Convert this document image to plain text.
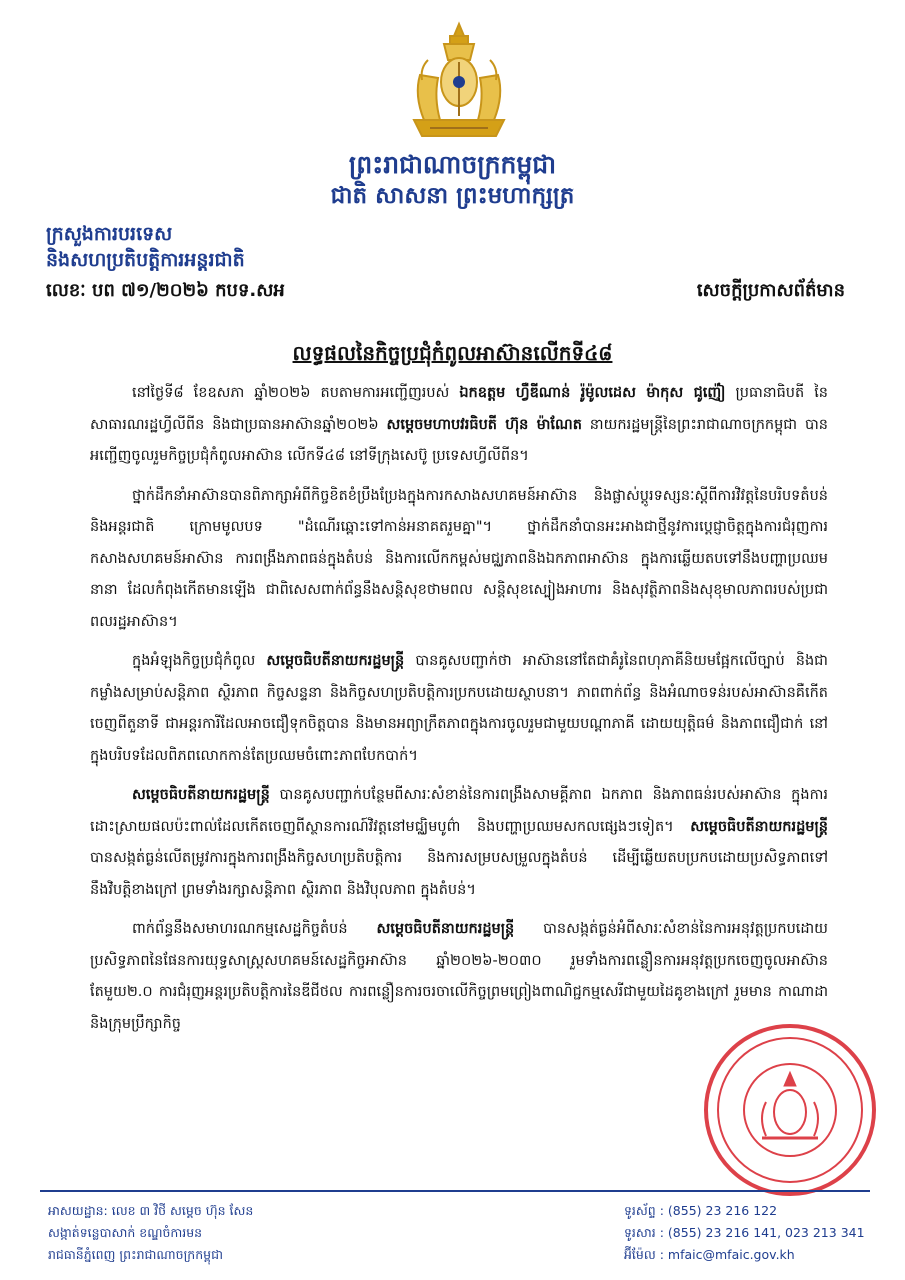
ព្រះរាជាណាចក្រកម្ពុជា
ជាតិ សាសនា ព្រះមហាក្សត្រ
ក្រសួងការបរទេស
និងសហប្រតិបត្តិការអន្តរជាតិ
លេខៈ បព ៧១/២០២៦ កបទ.សអ	សេចក្ដីប្រកាសព័ត៌មាន
លទ្ធផលនៃកិច្ចប្រជុំកំពូលអាស៊ានលើកទី៤៨

នៅថ្ងៃទី៨ ខែឧសភា ឆ្នាំ២០២៦ តបតាមការអញ្ជើញរបស់ ឯកឧត្តម ហ្វឺឌីណាន់ រ៉ូម៉ូលដេស ម៉ាកុស ជូញ៉ៀ ប្រធានាធិបតី នៃសាធារណរដ្ឋហ្វីលីពីន និងជាប្រធានអាស៊ានឆ្នាំ២០២៦ សម្តេចមហាបវរធិបតី ហ៊ុន ម៉ាណែត នាយករដ្ឋមន្ត្រីនៃព្រះរាជាណាចក្រកម្ពុជា បានអញ្ជើញចូលរួមកិច្ចប្រជុំកំពូលអាស៊ាន លើកទី៤៨ នៅទីក្រុងសេប៊ូ ប្រទេសហ្វីលីពីន។

ថ្នាក់ដឹកនាំអាស៊ានបានពិភាក្សាអំពីកិច្ចខិតខំប្រឹងប្រែងក្នុងការកសាងសហគមន៍អាស៊ាន និងផ្លាស់ប្តូរទស្សនៈស្តីពីការវិវត្តនៃបរិបទតំបន់ និងអន្តរជាតិ ក្រោមមូលបទ "ដំណើរឆ្ពោះទៅកាន់អនាគតរួមគ្នា"។ ថ្នាក់ដឹកនាំបានអះអាងជាថ្មីនូវការប្តេជ្ញាចិត្តក្នុងការជំរុញការកសាងសហគមន៍អាស៊ាន ការពង្រឹងភាពធន់ក្នុងតំបន់ និងការលើកកម្ពស់មជ្ឈភាពនិងឯកភាពអាស៊ាន ក្នុងការឆ្លើយតបទៅនឹងបញ្ហាប្រឈមនានា ដែលកំពុងកើតមានឡើង ជាពិសេសពាក់ព័ន្ធនឹងសន្តិសុខថាមពល សន្តិសុខស្បៀងអាហារ និងសុវត្ថិភាពនិងសុខុមាលភាពរបស់ប្រជាពលរដ្ឋអាស៊ាន។

ក្នុងអំឡុងកិច្ចប្រជុំកំពូល សម្តេចធិបតីនាយករដ្ឋមន្ត្រី បានគូសបញ្ជាក់ថា អាស៊ាននៅតែជាគំរូនៃពហុភាគីនិយមផ្អែកលើច្បាប់ និងជាកម្លាំងសម្រាប់សន្តិភាព ស្ថិរភាព កិច្ចសន្ទនា និងកិច្ចសហប្រតិបត្តិការប្រកបដោយស្ថាបនា។ ភាពពាក់ព័ន្ធ និងអំណាចទន់របស់អាស៊ានគឺកើតចេញពីតួនាទី ជាអន្តរការីដែលអាចជឿទុកចិត្តបាន និងមានអព្យាក្រឹតភាពក្នុងការចូលរួមជាមួយបណ្តាភាគី ដោយយុត្តិធម៌ និងភាពជឿជាក់ នៅក្នុងបរិបទដែលពិភពលោកកាន់តែប្រឈមចំពោះភាពបែកបាក់។

សម្តេចធិបតីនាយករដ្ឋមន្ត្រី បានគូសបញ្ជាក់បន្ថែមពីសារៈសំខាន់នៃការពង្រឹងសាមគ្គីភាព ឯកភាព និងភាពធន់របស់អាស៊ាន ក្នុងការដោះស្រាយផលប៉ះពាល់ដែលកើតចេញពីស្ថានការណ៍វិវត្តនៅមជ្ឈិមបូព៌ា និងបញ្ហាប្រឈមសកលផ្សេងៗទៀត។ សម្តេចធិបតីនាយករដ្ឋមន្ត្រី បានសង្កត់ធ្ងន់លើតម្រូវការក្នុងការពង្រឹងកិច្ចសហប្រតិបត្តិការ និងការសម្របសម្រួលក្នុងតំបន់ ដើម្បីឆ្លើយតបប្រកបដោយប្រសិទ្ធភាពទៅនឹងវិបត្តិខាងក្រៅ ព្រមទាំងរក្សាសន្តិភាព ស្ថិរភាព និងវិបុលភាព ក្នុងតំបន់។

ពាក់ព័ន្ធនឹងសមាហរណកម្មសេដ្ឋកិច្ចតំបន់ សម្តេចធិបតីនាយករដ្ឋមន្ត្រី បានសង្កត់ធ្ងន់អំពីសារៈសំខាន់នៃការអនុវត្តប្រកបដោយប្រសិទ្ធភាពនៃផែនការយុទ្ធសាស្ត្រសហគមន៍សេដ្ឋកិច្ចអាស៊ាន ឆ្នាំ២០២៦-២០៣០ រួមទាំងការពន្លឿនការអនុវត្តប្រកចេញចូលអាស៊ានតែមួយ២.០ ការជំរុញអន្តរប្រតិបត្តិការនៃឌីជីថល ការពន្លឿនការចរចាលើកិច្ចព្រមព្រៀងពាណិជ្ជកម្មសេរីជាមួយដៃគូខាងក្រៅ រួមមាន កាណាដា និងក្រុមប្រឹក្សាកិច្ច

អាសយដ្ឋាន: លេខ ៣ វិថី សម្តេច ហ៊ុន សែន
សង្កាត់ទន្លេបាសាក់ ខណ្ឌចំការមន
រាជធានីភ្នំពេញ ព្រះរាជាណាចក្រកម្ពុជា
ទូរស័ព្ទ : (855) 23 216 122
ទូរសារ : (855) 23 216 141, 023 213 341
អ៊ីម៉ែល : mfaic@mfaic.gov.kh
